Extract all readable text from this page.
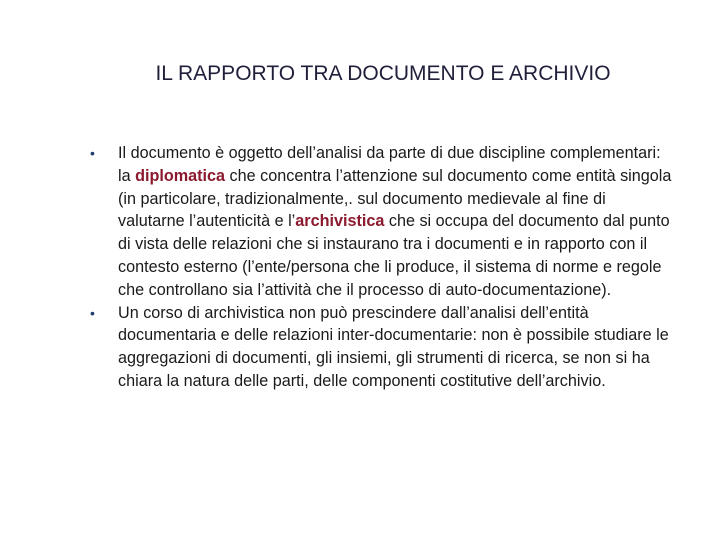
IL RAPPORTO TRA DOCUMENTO E ARCHIVIO
•	Il documento è oggetto dell’analisi da parte di due discipline complementari: la diplomatica che concentra l’attenzione sul documento come entità singola (in particolare, tradizionalmente,. sul documento medievale al fine di valutarne l’autenticità e l’archivistica che si occupa del documento dal punto di vista delle relazioni che si instaurano tra i documenti e in rapporto con il contesto esterno (l’ente/persona che li produce, il sistema di norme e regole che controllano sia l’attività che il processo di auto-documentazione).
•	Un corso di archivistica non può prescindere dall’analisi dell’entità documentaria e delle relazioni inter-documentarie: non è possibile studiare le aggregazioni di documenti, gli insiemi, gli strumenti di ricerca, se non si ha chiara la natura delle parti, delle componenti costitutive dell’archivio.
